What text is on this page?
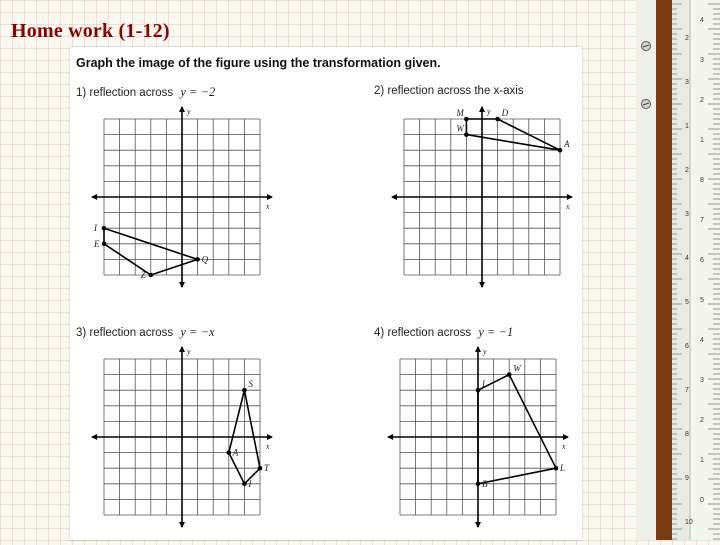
Home work (1-12)
Graph the image of the figure using the transformation given.
1) reflection across y = −2
x
y
I
E
Z
Q
2) reflection across the x-axis
x
y
M	D
W
A
3) reflection across y = −x
x
y
S
A
T
I
4) reflection across y = −1
x
y
W
I
L
B
4
3
2
1
8
7
6
5
4
3
2
1
0
2
3
1
2
3
4
5
6
7
8
9
10
